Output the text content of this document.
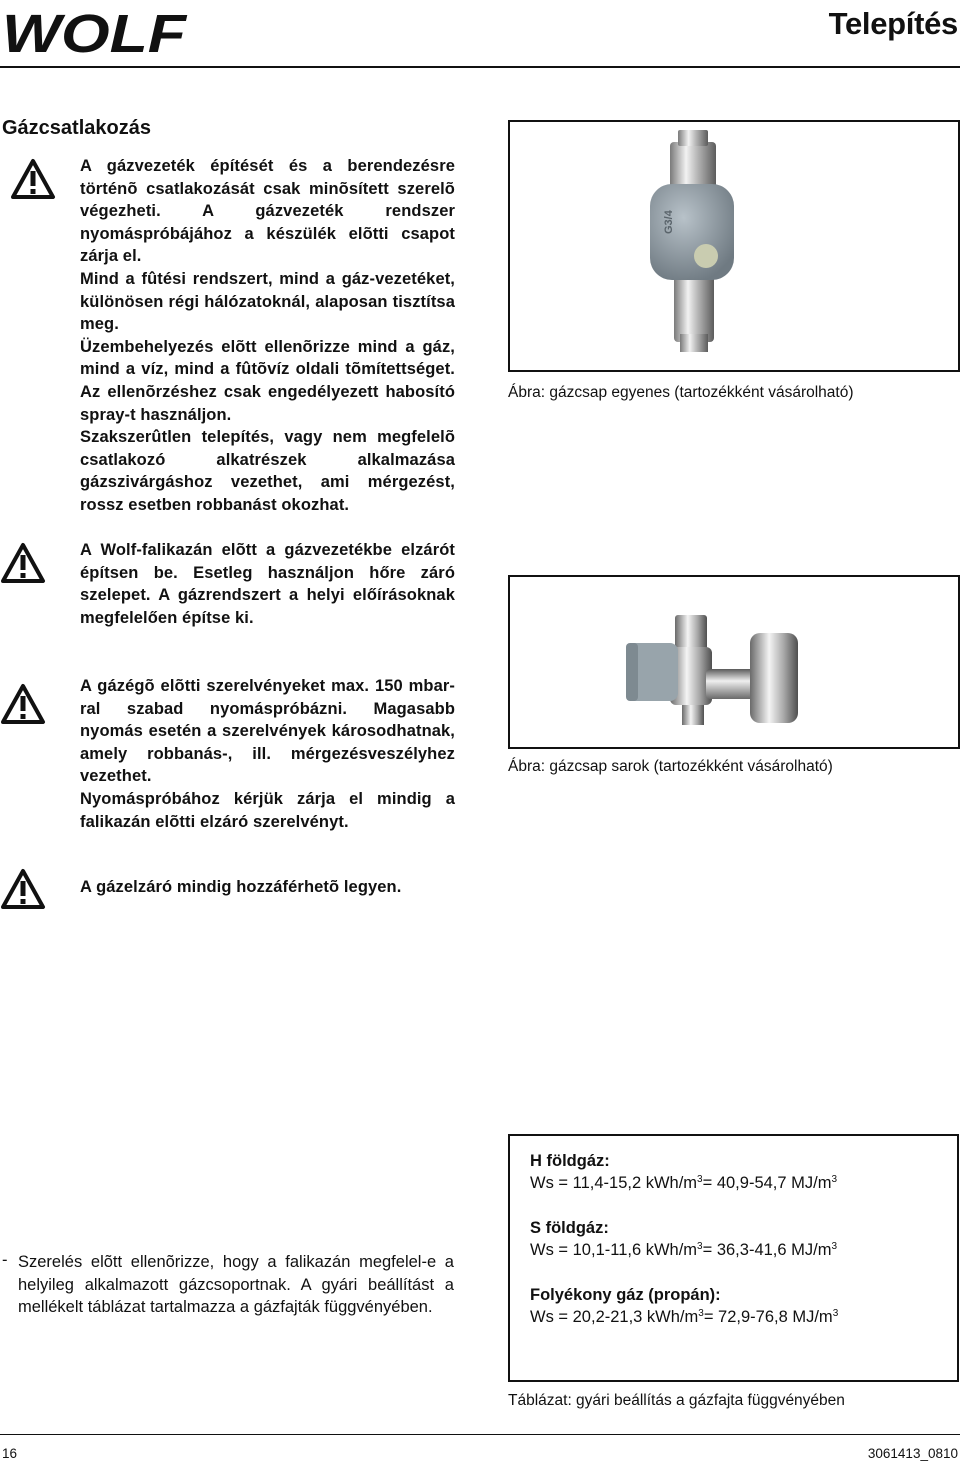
WOLF	Telepítés
Gázcsatlakozás

A gázvezeték építését és a berendezésre történõ csatlakozását csak minõsített szerelõ végezheti. A gázvezeték rendszer nyomáspróbájához a készülék elõtti csapot zárja el.

Mind a fûtési rendszert, mind a gáz-vezetéket, különösen régi hálózatoknál, alaposan tisztítsa meg.

Üzembehelyezés elõtt ellenõrizze mind a gáz, mind a víz, mind a fûtõvíz oldali tõmítettséget. Az ellenõrzéshez csak engedélyezett habosító spray-t használjon.

Szakszerûtlen telepítés, vagy nem megfelelõ csatlakozó alkatrészek alkalmazása gázszivárgáshoz vezethet, ami mérgezést, rossz esetben robbanást okozhat.

A Wolf-falikazán elõtt a gázvezetékbe elzárót építsen be. Esetleg használjon hőre záró szelepet. A gázrendszert a helyi előírásoknak megfelelően építse ki.

A gázégõ elõtti szerelvényeket max. 150 mbar-ral szabad nyomáspróbázni. Magasabb nyomás esetén a szerelvények károsodhatnak, amely robbanás-, ill. mérgezésveszélyhez vezethet.

Nyomáspróbához kérjük zárja el mindig a falikazán elõtti elzáró szerelvényt.

A gázelzáró mindig hozzáférhetõ legyen.

G3/4
Ábra: gázcsap egyenes (tartozékként vásárolható)
Ábra: gázcsap sarok (tartozékként vásárolható)
- Szerelés elõtt ellenõrizze, hogy a falikazán megfelel-e a helyileg alkalmazott gázcsoportnak. A gyári beállítást a mellékelt táblázat tartalmazza a gázfajták függvényében.

H földgáz:

Ws = 11,4-15,2 kWh/$m^3= 40,9-54,7$ $MJ/m^3$

S földgáz:

Ws = 10,1-11,6 kWh/$m^3= 36,3-41,6$ $MJ/m^3$

Folyékony gáz (propán):

Ws = 20,2-21,3 kWh/$m^3= 72,9-76,8$ $MJ/m^3$

Táblázat: gyári beállítás a gázfajta függvényében
16	3061413_0810
